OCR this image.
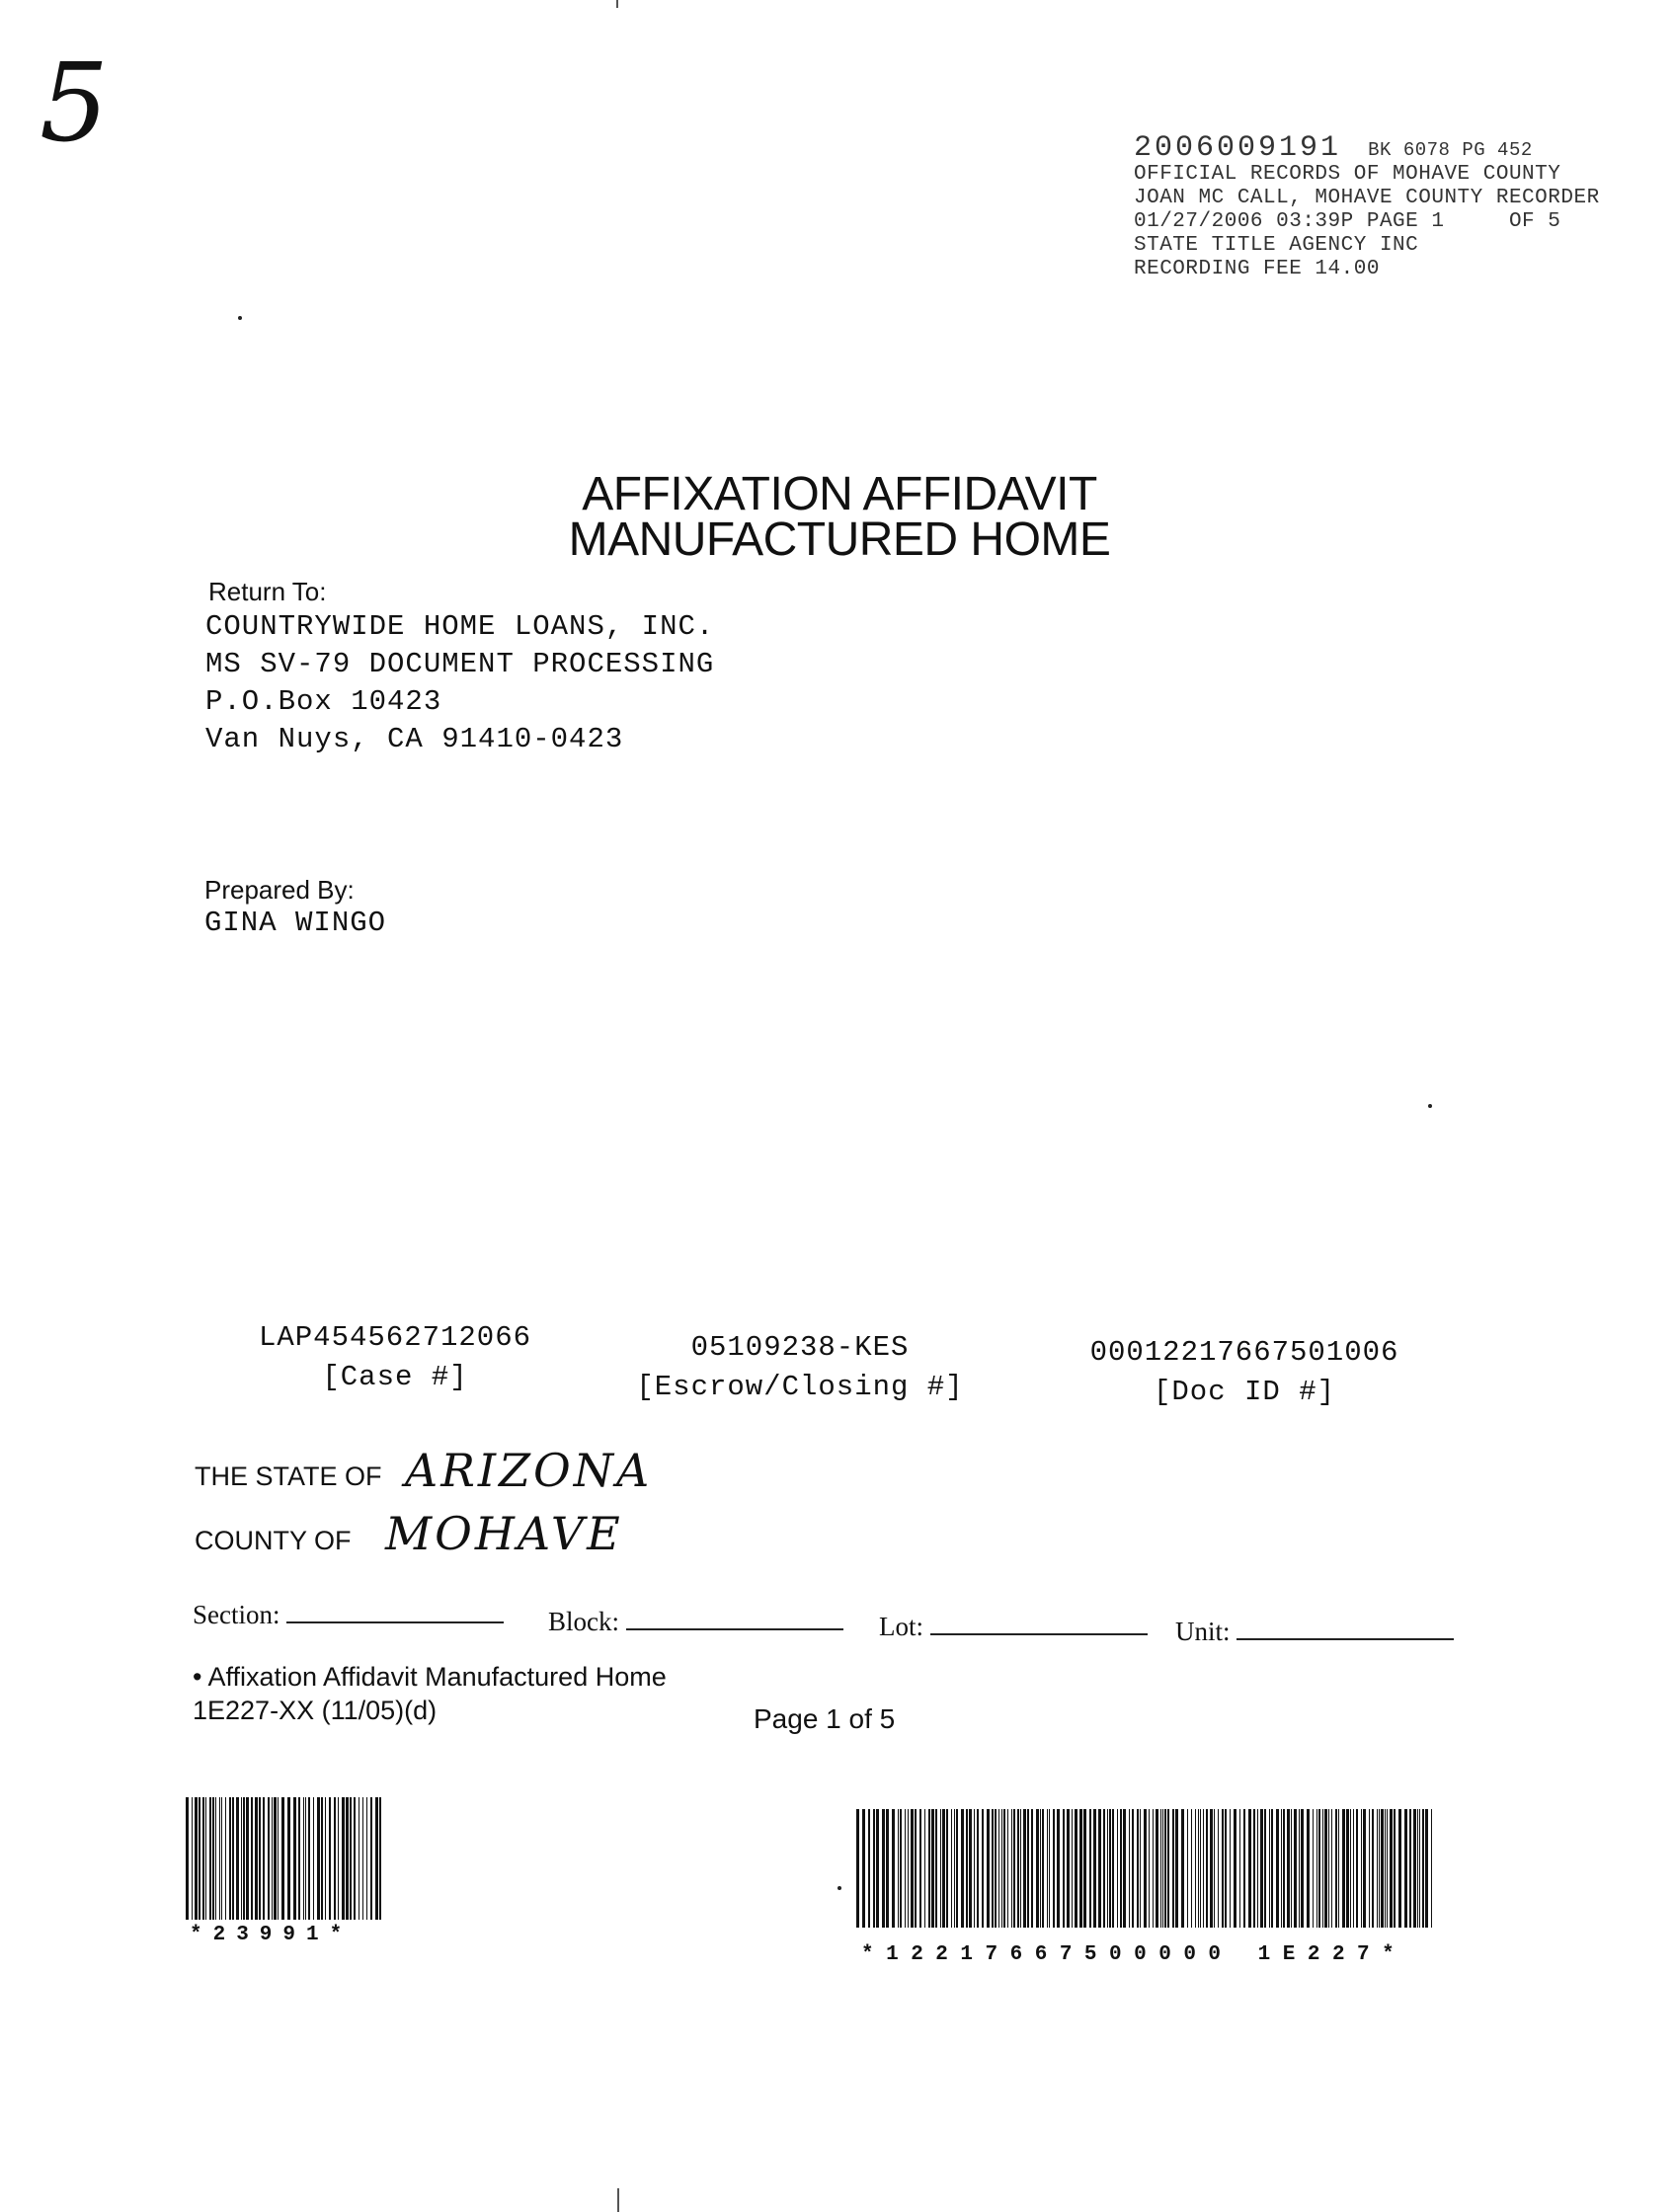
5	2006009191 BK 6078 PG 452
OFFICIAL RECORDS OF MOHAVE COUNTY
JOAN MC CALL, MOHAVE COUNTY RECORDER
01/27/2006 03:39P PAGE 1     OF 5
STATE TITLE AGENCY INC
RECORDING FEE 14.00
AFFIXATION AFFIDAVIT
MANUFACTURED HOME
Return To:
COUNTRYWIDE HOME LOANS, INC.
MS SV-79 DOCUMENT PROCESSING
P.O.Box 10423
Van Nuys, CA 91410-0423
Prepared By:
GINA WINGO
LAP454562712066
[Case #]
05109238-KES
[Escrow/Closing #]
00012217667501006
[Doc ID #]
THE STATE OF ARIZONA
COUNTY OF MOHAVE
Section:	Block:	Lot:	Unit:
• Affixation Affidavit Manufactured Home
1E227-XX (11/05)(d)	Page 1 of 5
*23991*
*12217667500000 1E227*
